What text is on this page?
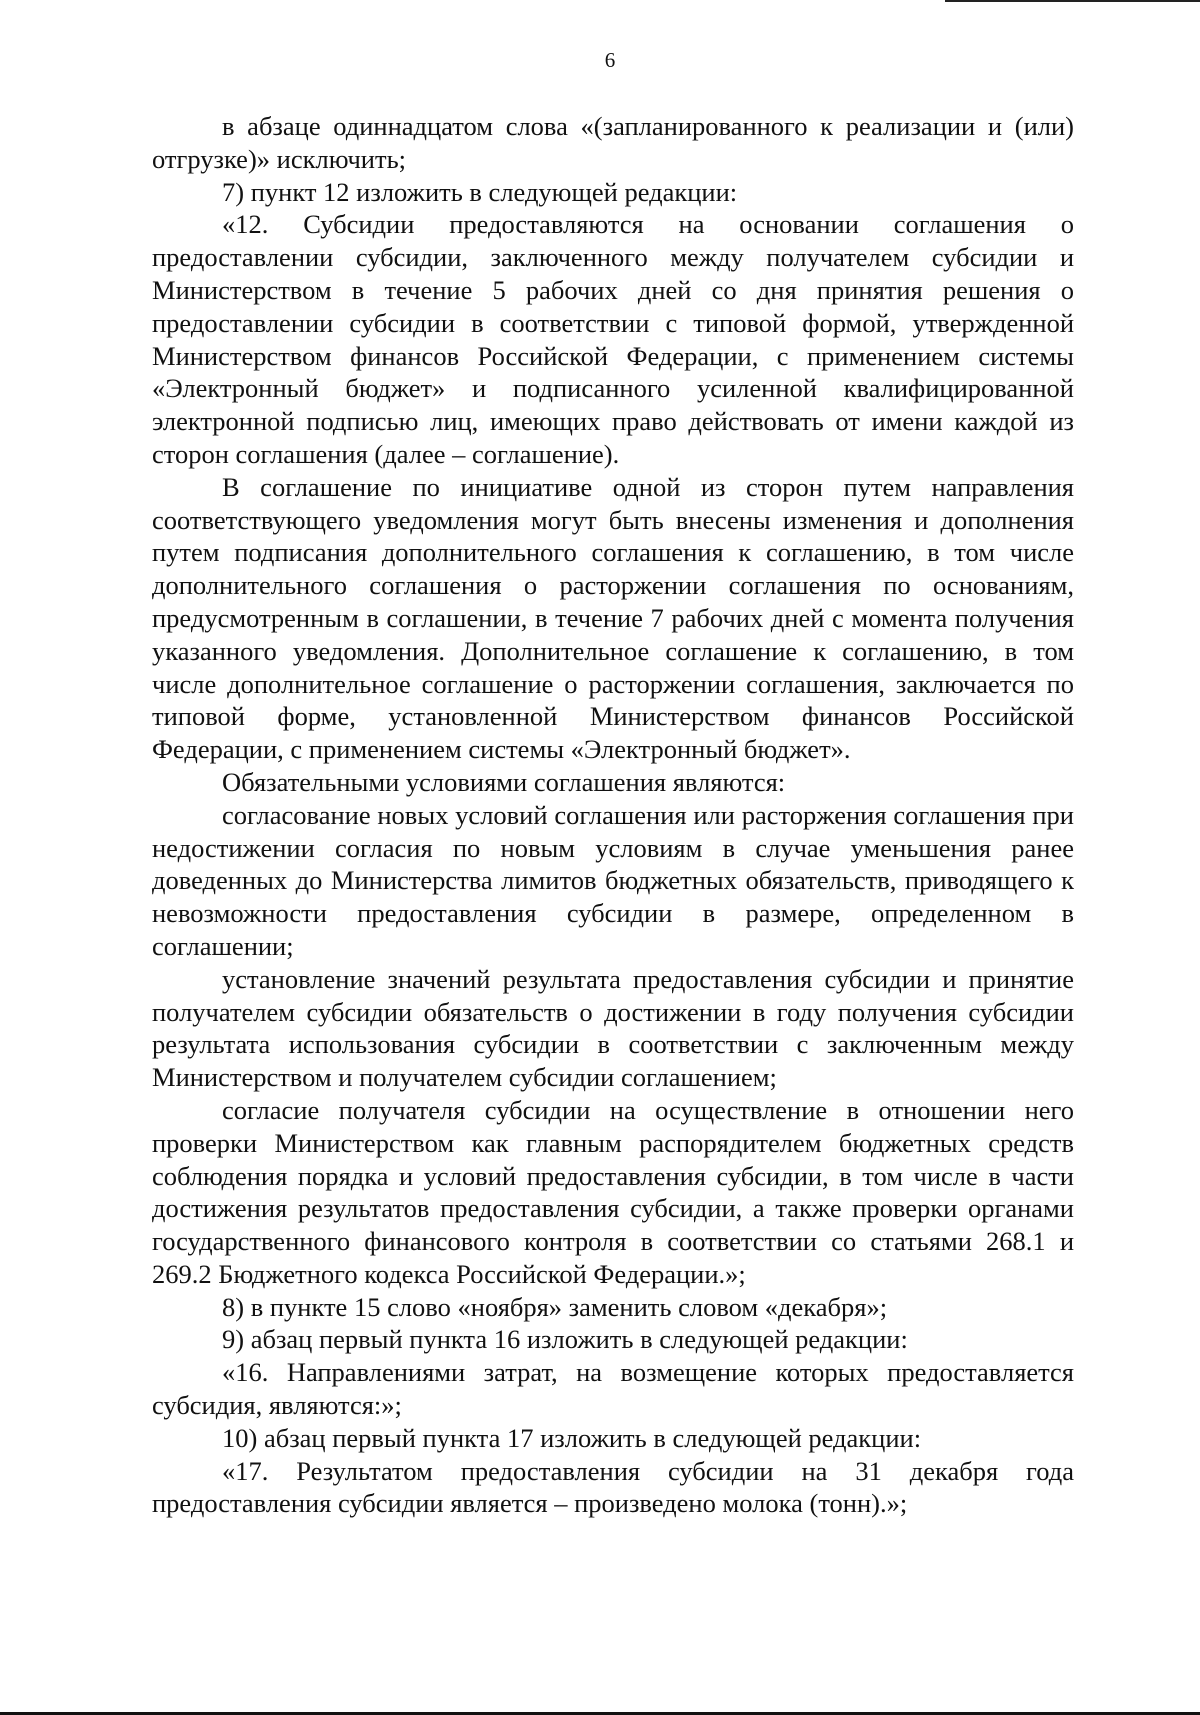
6

в абзаце одиннадцатом слова «(запланированного к реализации и (или) отгрузке)» исключить;

7) пункт 12 изложить в следующей редакции:

«12. Субсидии предоставляются на основании соглашения о предоставлении субсидии, заключенного между получателем субсидии и Министерством в течение 5 рабочих дней со дня принятия решения о предоставлении субсидии в соответствии с типовой формой, утвержденной Министерством финансов Российской Федерации, с применением системы «Электронный бюджет» и подписанного усиленной квалифицированной электронной подписью лиц, имеющих право действовать от имени каждой из сторон соглашения (далее – соглашение).

В соглашение по инициативе одной из сторон путем направления соответствующего уведомления могут быть внесены изменения и дополнения путем подписания дополнительного соглашения к соглашению, в том числе дополнительного соглашения о расторжении соглашения по основаниям, предусмотренным в соглашении, в течение 7 рабочих дней с момента получения указанного уведомления. Дополнительное соглашение к соглашению, в том числе дополнительное соглашение о расторжении соглашения, заключается по типовой форме, установленной Министерством финансов Российской Федерации, с применением системы «Электронный бюджет».

Обязательными условиями соглашения являются:

согласование новых условий соглашения или расторжения соглашения при недостижении согласия по новым условиям в случае уменьшения ранее доведенных до Министерства лимитов бюджетных обязательств, приводящего к невозможности предоставления субсидии в размере, определенном в соглашении;

установление значений результата предоставления субсидии и принятие получателем субсидии обязательств о достижении в году получения субсидии результата использования субсидии в соответствии с заключенным между Министерством и получателем субсидии соглашением;

согласие получателя субсидии на осуществление в отношении него проверки Министерством как главным распорядителем бюджетных средств соблюдения порядка и условий предоставления субсидии, в том числе в части достижения результатов предоставления субсидии, а также проверки органами государственного финансового контроля в соответствии со статьями 268.1 и 269.2 Бюджетного кодекса Российской Федерации.»;

8) в пункте 15 слово «ноября» заменить словом «декабря»;

9) абзац первый пункта 16 изложить в следующей редакции:

«16. Направлениями затрат, на возмещение которых предоставляется субсидия, являются:»;

10) абзац первый пункта 17 изложить в следующей редакции:

«17. Результатом предоставления субсидии на 31 декабря года предоставления субсидии является – произведено молока (тонн).»;
